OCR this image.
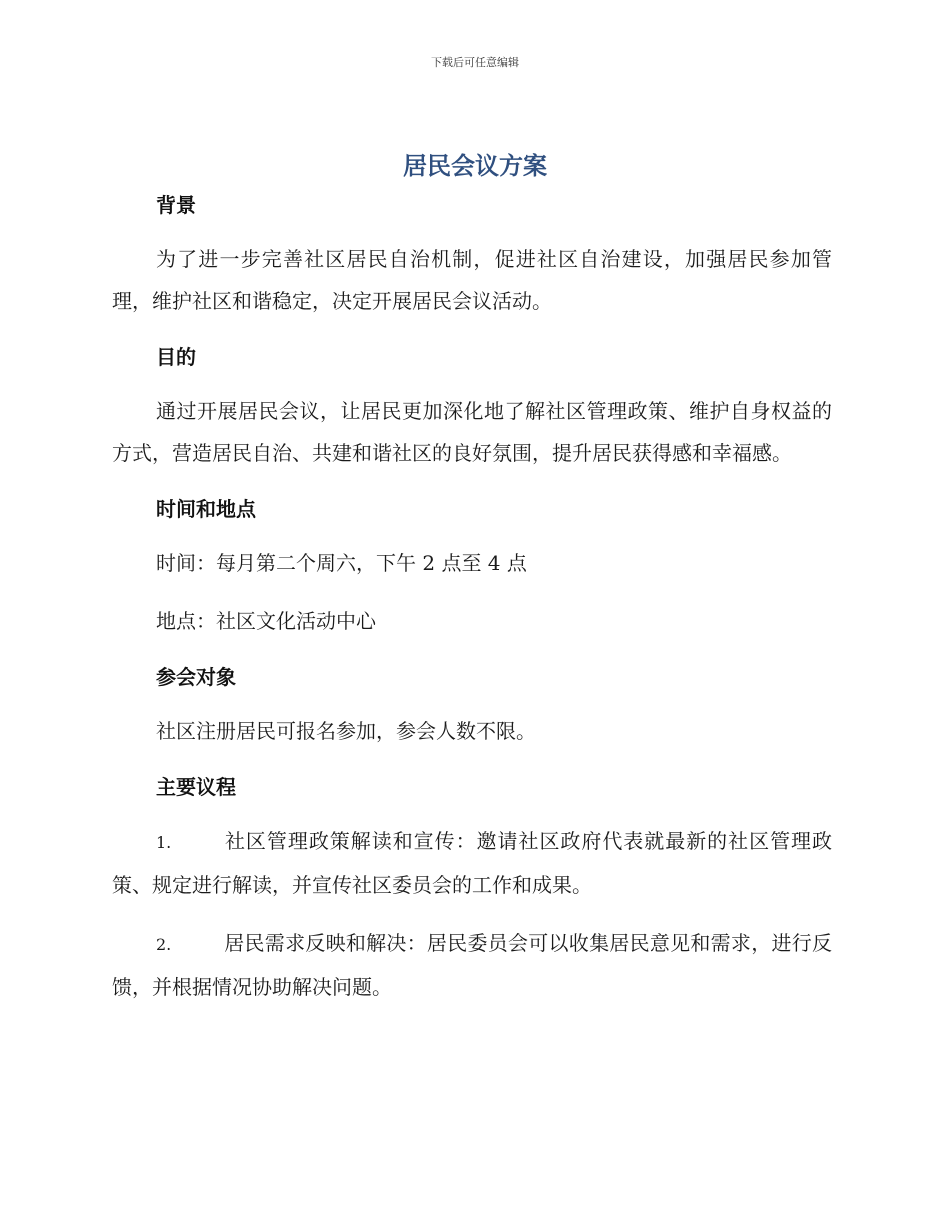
下载后可任意编辑
居民会议方案
背景

为了进一步完善社区居民自治机制，促进社区自治建设，加强居民参加管理，维护社区和谐稳定，决定开展居民会议活动。

目的

通过开展居民会议，让居民更加深化地了解社区管理政策、维护自身权益的方式，营造居民自治、共建和谐社区的良好氛围，提升居民获得感和幸福感。

时间和地点

时间：每月第二个周六，下午 2 点至 4 点

地点：社区文化活动中心

参会对象

社区注册居民可报名参加，参会人数不限。

主要议程

1.	社区管理政策解读和宣传：邀请社区政府代表就最新的社区管理政策、规定进行解读，并宣传社区委员会的工作和成果。

2.	居民需求反映和解决：居民委员会可以收集居民意见和需求，进行反馈，并根据情况协助解决问题。
